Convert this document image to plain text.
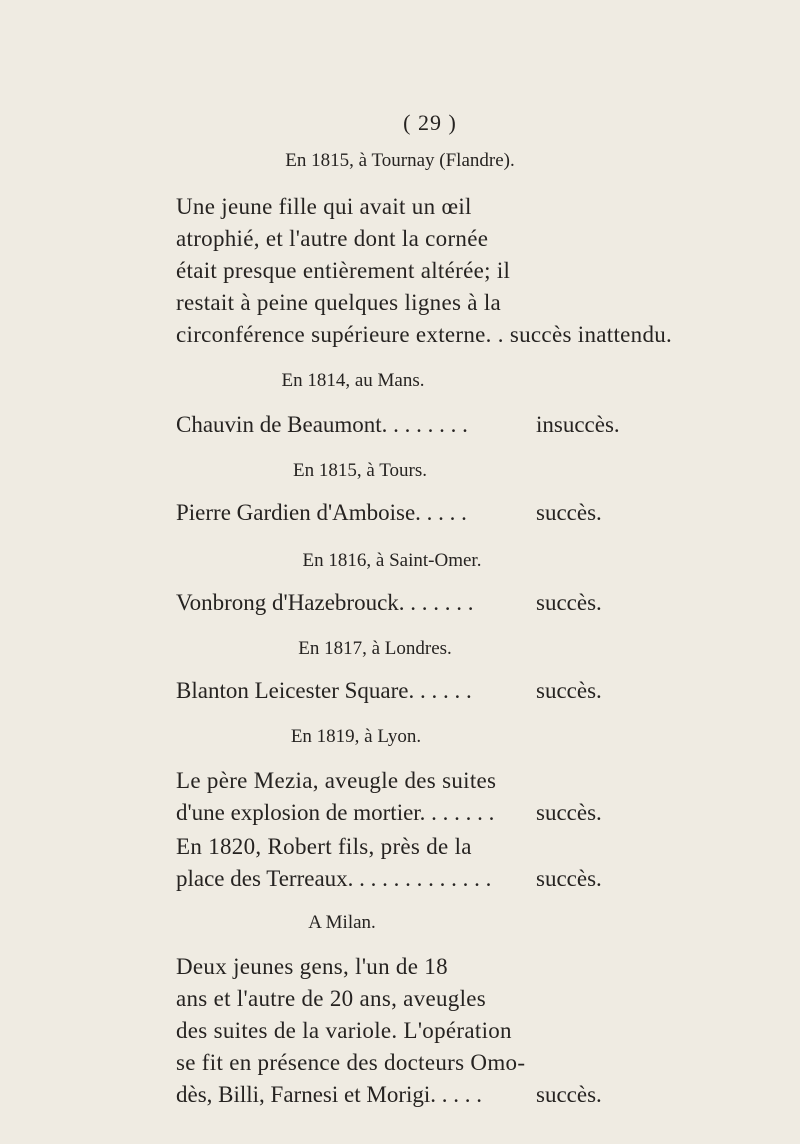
( 29 )
En 1815, à Tournay (Flandre).
Une jeune fille qui avait un œil
atrophié, et l'autre dont la cornée
était presque entièrement altérée; il
restait à peine quelques lignes à la
circonférence supérieure externe. . succès inattendu.
En 1814, au Mans.
Chauvin de Beaumont. . . . . . . .	insuccès.
En 1815, à Tours.
Pierre Gardien d'Amboise. . . . .	succès.
En 1816, à Saint-Omer.
Vonbrong d'Hazebrouck. . . . . . .	succès.
En 1817, à Londres.
Blanton Leicester Square. . . . . .	succès.
En 1819, à Lyon.
Le père Mezia, aveugle des suites
d'une explosion de mortier. . . . . . . succès.
En 1820, Robert fils, près de la
place des Terreaux. . . . . . . . . . . . . succès.
A Milan.
Deux jeunes gens, l'un de 18
ans et l'autre de 20 ans, aveugles
des suites de la variole. L'opération
se fit en présence des docteurs Omo-
dès, Billi, Farnesi et Morigi. . . . . succès.
